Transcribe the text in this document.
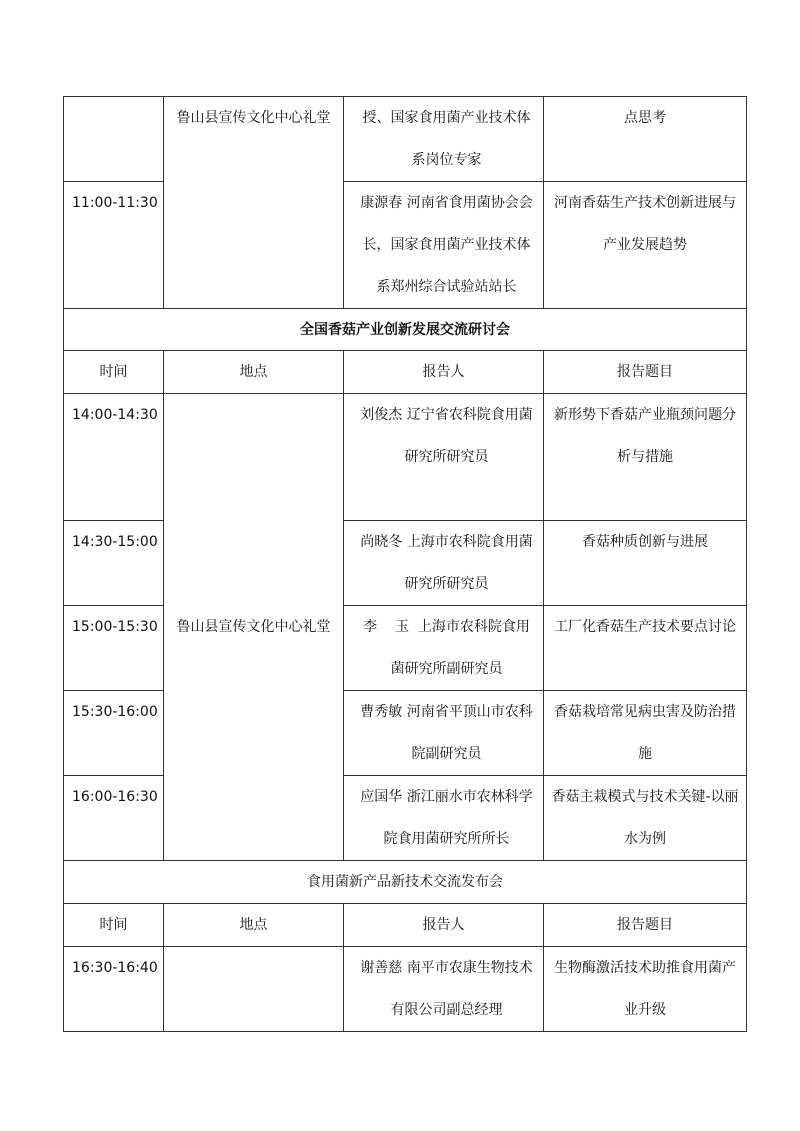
	鲁山县宣传文化中心礼堂	授、国家食用菌产业技术体系岗位专家	点思考
11:00-11:30		康源春 河南省食用菌协会会长，国家食用菌产业技术体系郑州综合试验站站长	河南香菇生产技术创新进展与产业发展趋势
全国香菇产业创新发展交流研讨会			
时间	地点	报告人	报告题目
14:00-14:30	鲁山县宣传文化中心礼堂	刘俊杰 辽宁省农科院食用菌研究所研究员	新形势下香菇产业瓶颈问题分析与措施
14:30-15:00		尚晓冬 上海市农科院食用菌研究所研究员	香菇种质创新与进展
15:00-15:30		李    玉  上海市农科院食用菌研究所副研究员	工厂化香菇生产技术要点讨论
15:30-16:00		曹秀敏 河南省平顶山市农科院副研究员	香菇栽培常见病虫害及防治措施
16:00-16:30		应国华 浙江丽水市农林科学院食用菌研究所所长	香菇主栽模式与技术关键-以丽水为例
食用菌新产品新技术交流发布会			
时间	地点	报告人	报告题目
16:30-16:40		谢善慈 南平市农康生物技术有限公司副总经理	生物酶激活技术助推食用菌产业升级
